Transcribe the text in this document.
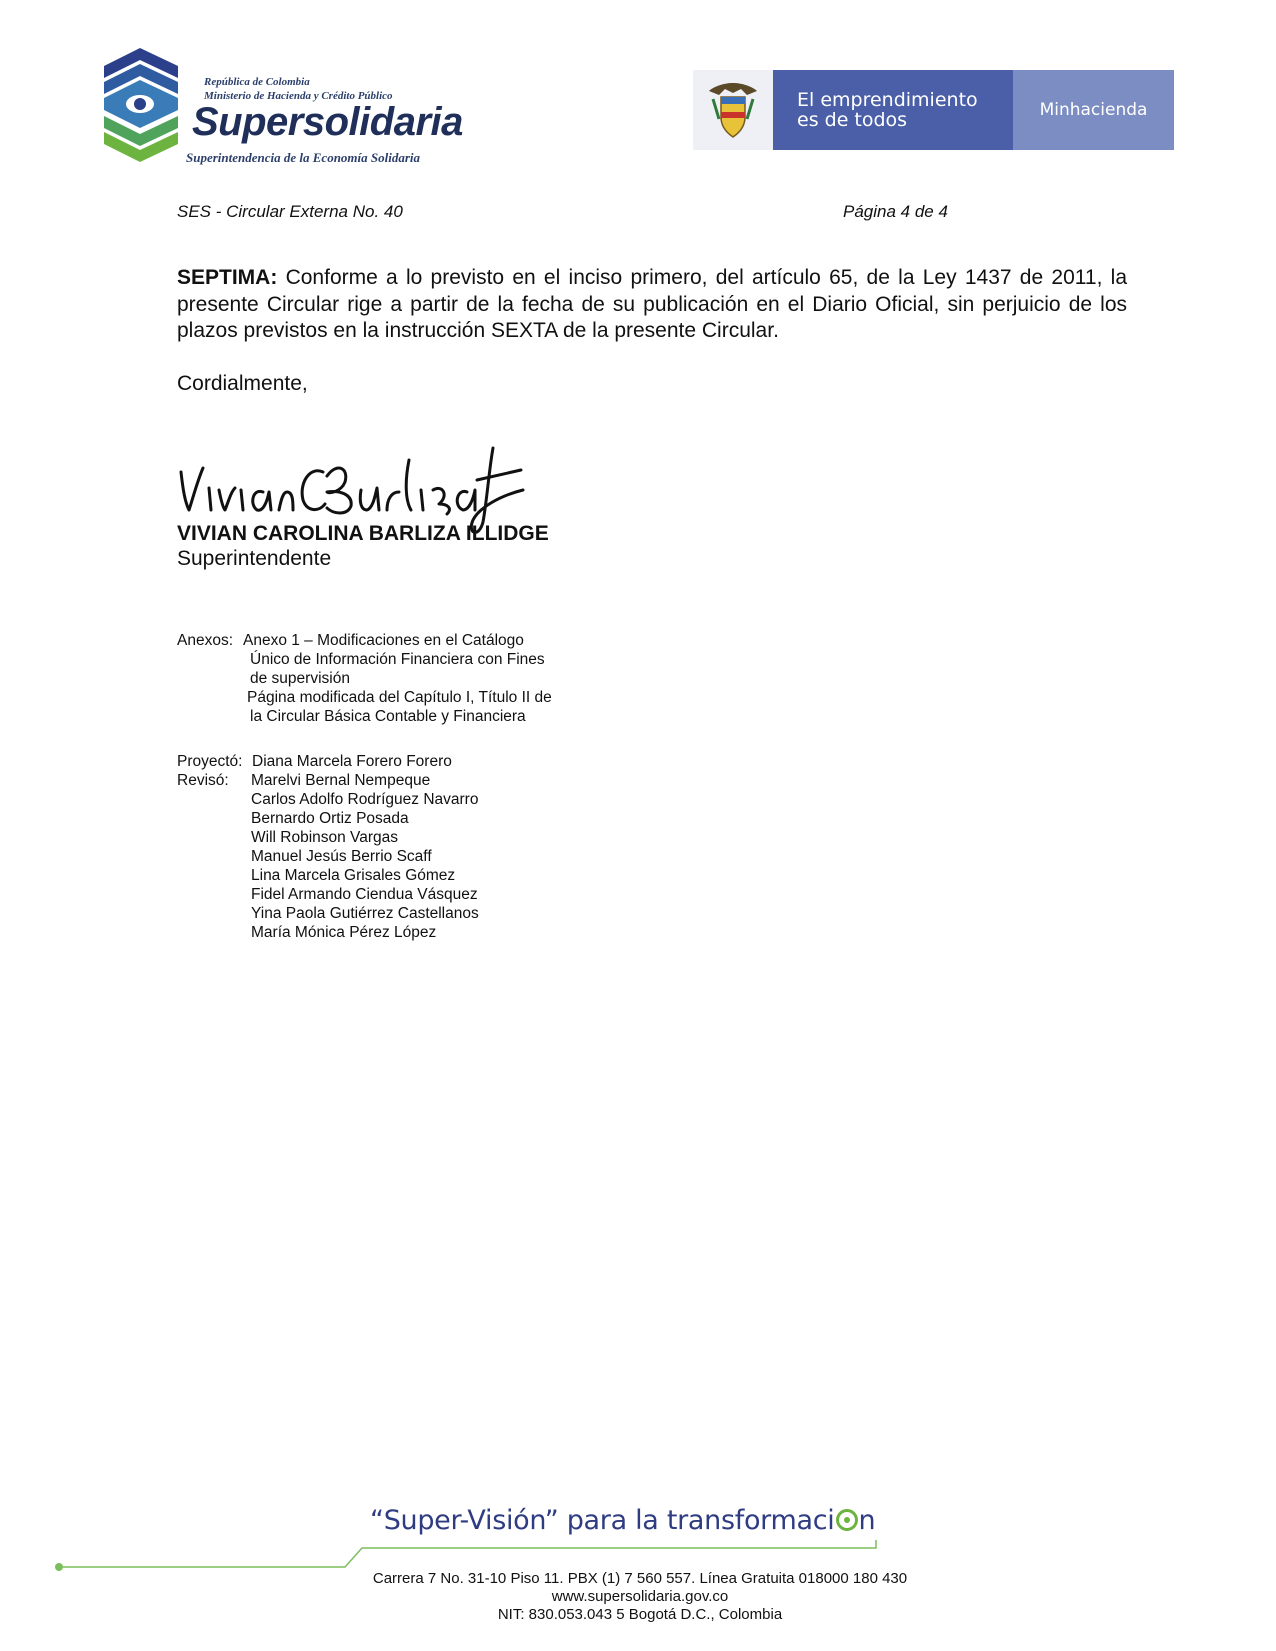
República de Colombia
Ministerio de Hacienda y Crédito Público
Supersolidaria
Superintendencia de la Economía Solidaria
El emprendimiento
es de todos	Minhacienda
SES - Circular Externa No. 40	Página 4 de 4
SEPTIMA: Conforme a lo previsto en el inciso primero, del artículo 65, de la Ley 1437 de 2011, la presente Circular rige a partir de la fecha de su publicación en el Diario Oficial, sin perjuicio de los plazos previstos en la instrucción SEXTA de la presente Circular.
Cordialmente,
VIVIAN CAROLINA BARLIZA ILLIDGE
Superintendente
Anexos: Anexo 1 – Modificaciones en el Catálogo
Único de Información Financiera con Fines
de supervisión
Página modificada del Capítulo I, Título II de
la Circular Básica Contable y Financiera
Proyectó: Diana Marcela Forero Forero
Revisó: Marelvi Bernal Nempeque
Carlos Adolfo Rodríguez Navarro
Bernardo Ortiz Posada
Will Robinson Vargas
Manuel Jesús Berrio Scaff
Lina Marcela Grisales Gómez
Fidel Armando Ciendua Vásquez
Yina Paola Gutiérrez Castellanos
María Mónica Pérez López
“Super-Visión” para la transformaci n
Carrera 7 No. 31-10 Piso 11. PBX (1) 7 560 557. Línea Gratuita 018000 180 430
www.supersolidaria.gov.co
NIT: 830.053.043 5 Bogotá D.C., Colombia
